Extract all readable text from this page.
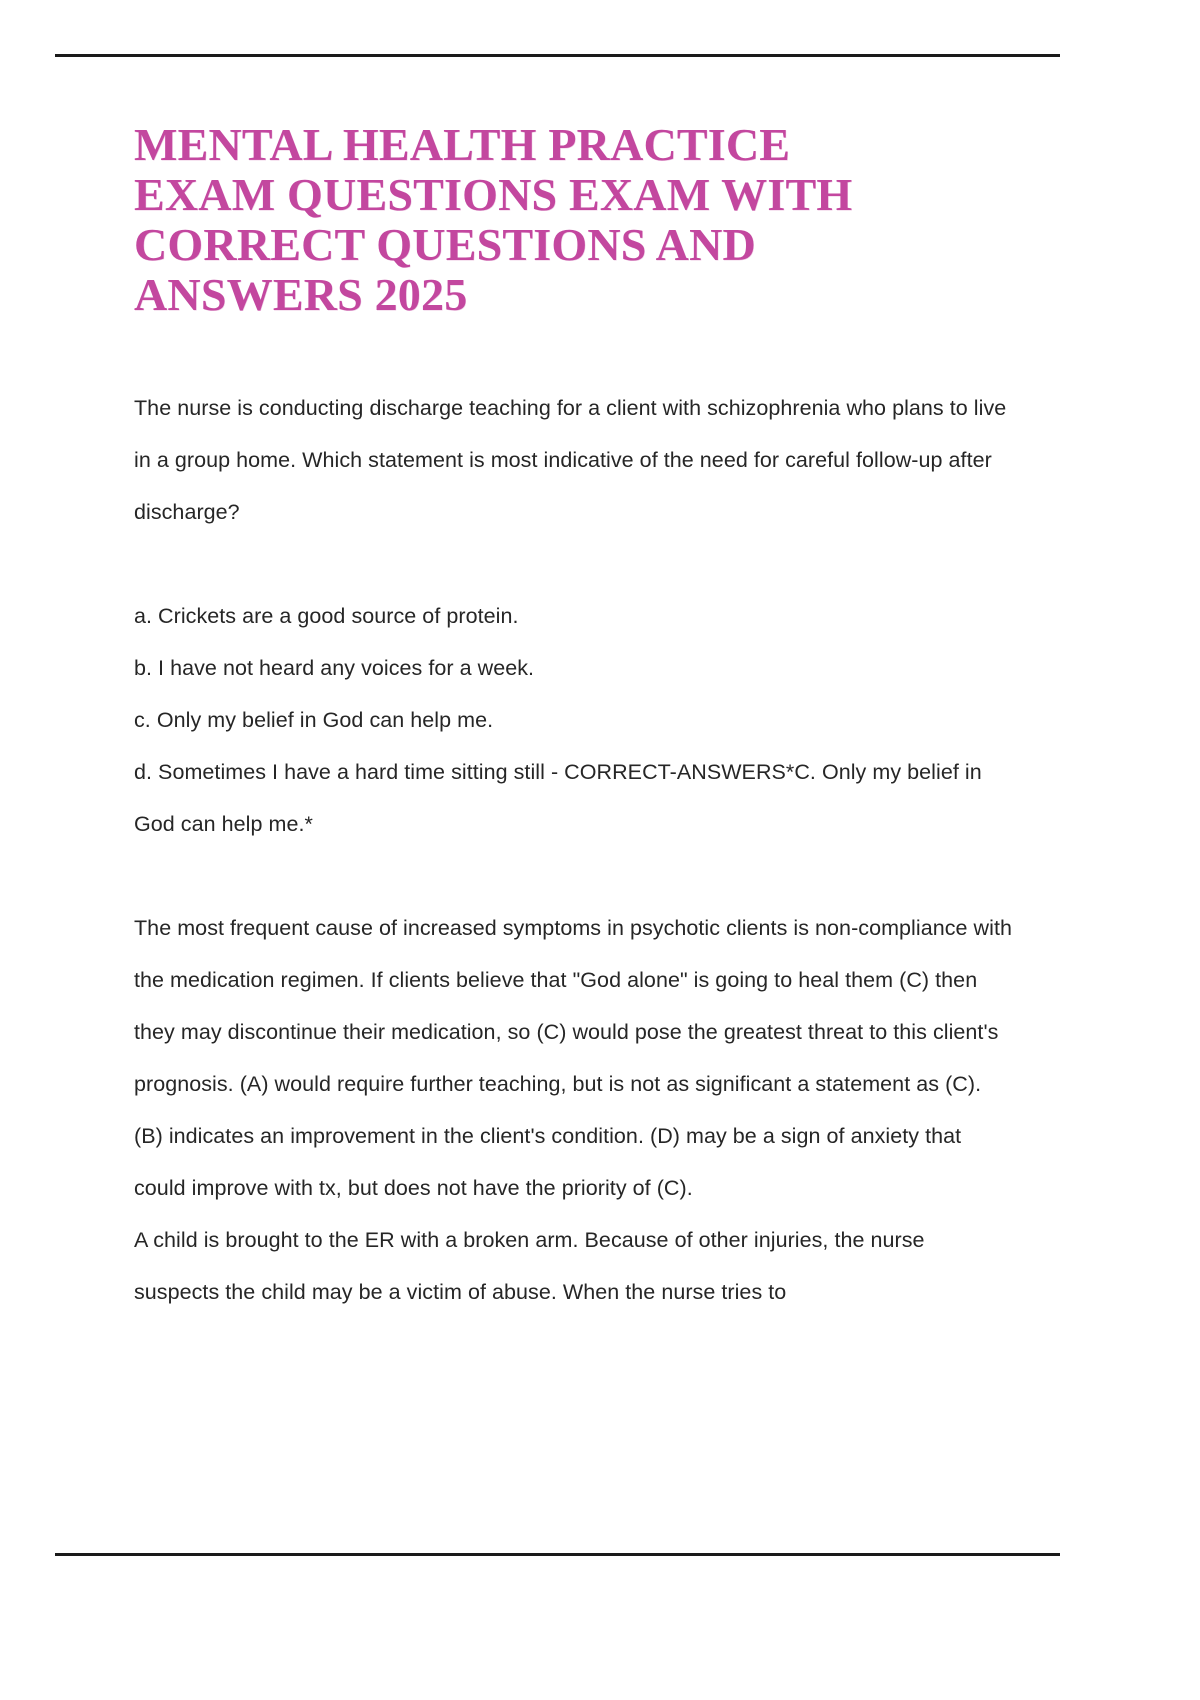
MENTAL HEALTH PRACTICE EXAM QUESTIONS EXAM WITH CORRECT QUESTIONS AND ANSWERS 2025

The nurse is conducting discharge teaching for a client with schizophrenia who plans to live in a group home. Which statement is most indicative of the need for careful follow-up after discharge?

a. Crickets are a good source of protein.

b. I have not heard any voices for a week.

c. Only my belief in God can help me.

d. Sometimes I have a hard time sitting still - CORRECT-ANSWERS*C. Only my belief in God can help me.*

The most frequent cause of increased symptoms in psychotic clients is non-compliance with the medication regimen. If clients believe that "God alone" is going to heal them (C) then they may discontinue their medication, so (C) would pose the greatest threat to this client's prognosis. (A) would require further teaching, but is not as significant a statement as (C). (B) indicates an improvement in the client's condition. (D) may be a sign of anxiety that could improve with tx, but does not have the priority of (C).

A child is brought to the ER with a broken arm. Because of other injuries, the nurse suspects the child may be a victim of abuse. When the nurse tries to
